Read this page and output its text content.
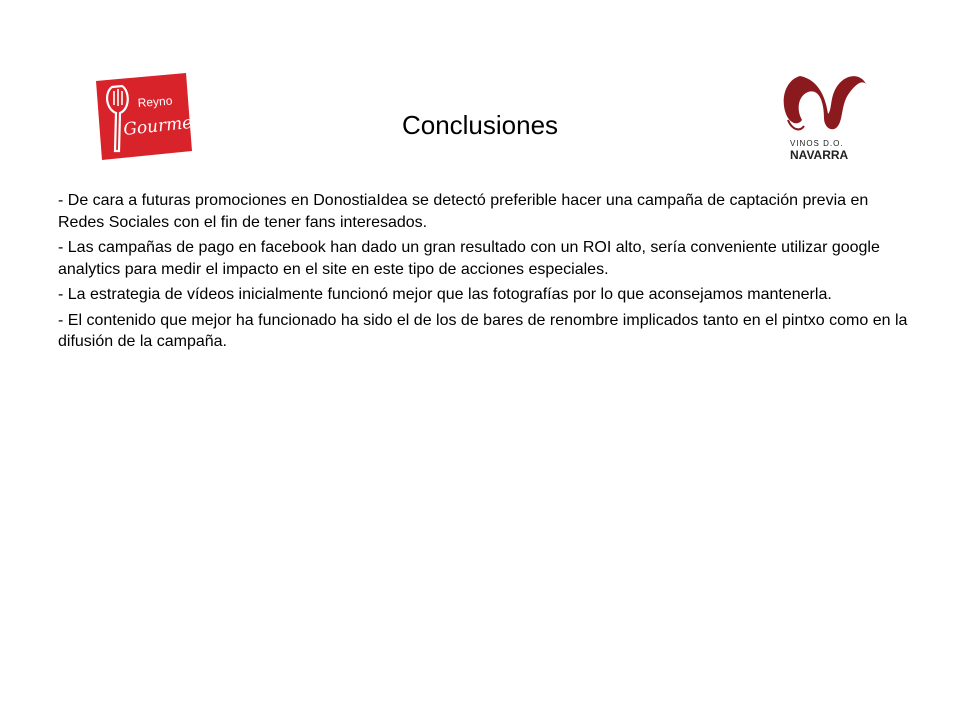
Reyno
Gourmet
VINOS D.O.
NAVARRA
Conclusiones

- De cara a futuras promociones en DonostiaIdea se detectó preferible hacer una campaña de captación previa en Redes Sociales con el fin de tener fans interesados.

- Las campañas de pago en facebook han dado un gran resultado con un ROI alto, sería conveniente utilizar google analytics para medir el impacto en el site en este tipo de acciones especiales.

- La estrategia de vídeos inicialmente funcionó mejor que las fotografías por lo que aconsejamos mantenerla.

- El contenido que mejor ha funcionado ha sido el de los de bares de renombre implicados tanto en el pintxo como en la difusión de la campaña.
